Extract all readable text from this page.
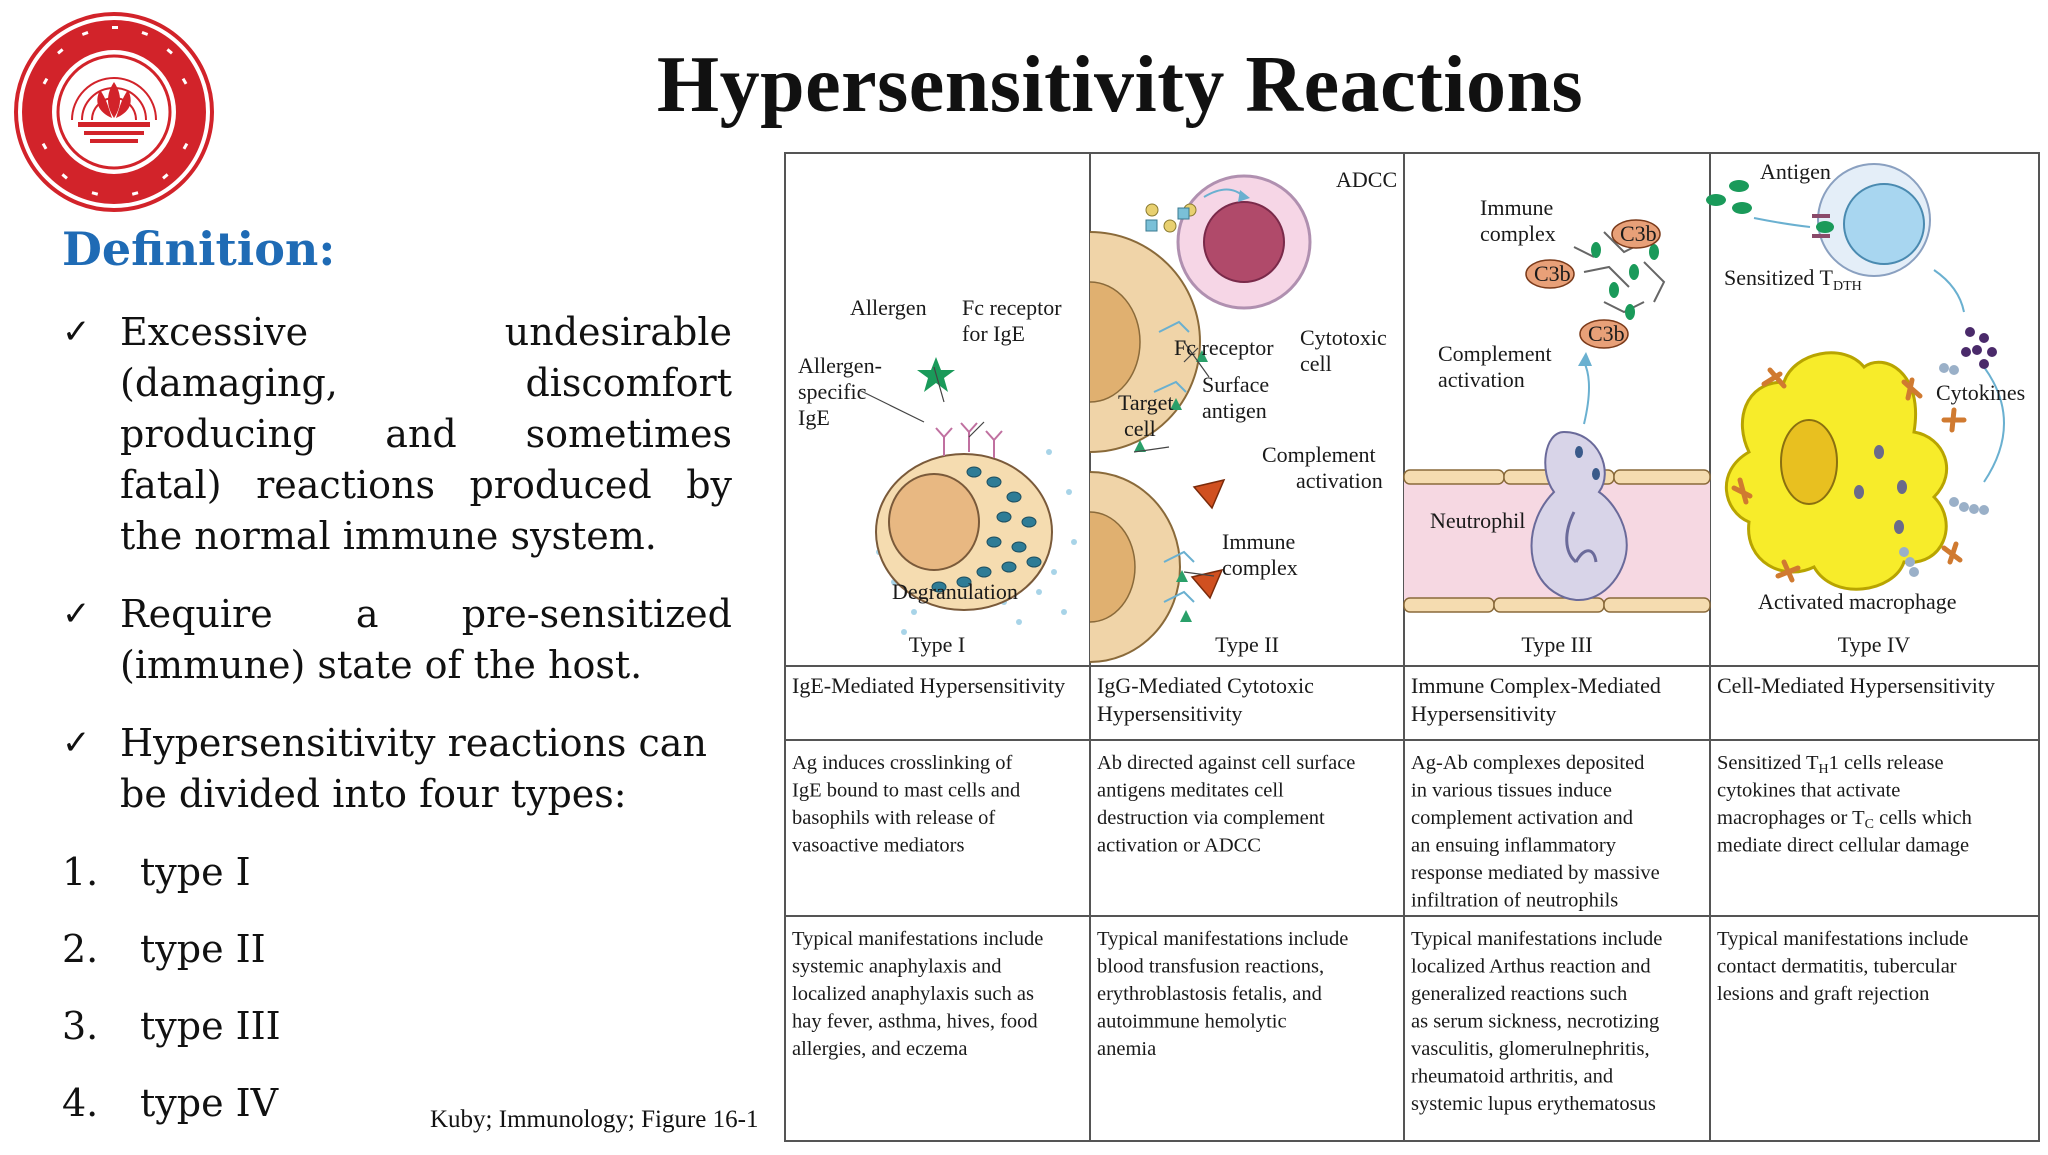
Hypersensitivity Reactions
Definition:
✓ Excessive undesirable (damaging, discomfort producing and sometimes fatal) reactions produced by the normal immune system.
✓ Require a pre-sensitized (immune) state of the host.
✓ Hypersensitivity reactions can be divided into four types:
1. type I
2. type II
3. type III
4. type IV	Kuby; Immunology; Figure 16-1
Allergen Fc receptor
for IgE
Allergen-
specific
IgE
Degranulation
ADCC
Fc receptor Cytotoxic
cell
Target
cell
Surface
antigen
Complement
activation
Immune
complex
C3b
C3b
C3b
Immune
complex
Complement
activation
Neutrophil
Antigen
Sensitized $T_{DTH}$
Cytokines
Activated macrophage
Type I
IgE-Mediated Hypersensitivity
Ag induces crosslinking of
IgE bound to mast cells and
basophils with release of
vasoactive mediators
Typical manifestations include
systemic anaphylaxis and
localized anaphylaxis such as
hay fever, asthma, hives, food
allergies, and eczema
Type II
IgG-Mediated Cytotoxic
Hypersensitivity
Ab directed against cell surface
antigens meditates cell
destruction via complement
activation or ADCC
Typical manifestations include
blood transfusion reactions,
erythroblastosis fetalis, and
autoimmune hemolytic
anemia
Type III
Immune Complex-Mediated
Hypersensitivity
Ag-Ab complexes deposited
in various tissues induce
complement activation and
an ensuing inflammatory
response mediated by massive
infiltration of neutrophils
Typical manifestations include
localized Arthus reaction and
generalized reactions such
as serum sickness, necrotizing
vasculitis, glomerulnephritis,
rheumatoid arthritis, and
systemic lupus erythematosus
Type IV
Cell-Mediated Hypersensitivity
Sensitized TH1 cells release
cytokines that activate
macrophages or TC cells which
mediate direct cellular damage
Typical manifestations include
contact dermatitis, tubercular
lesions and graft rejection
